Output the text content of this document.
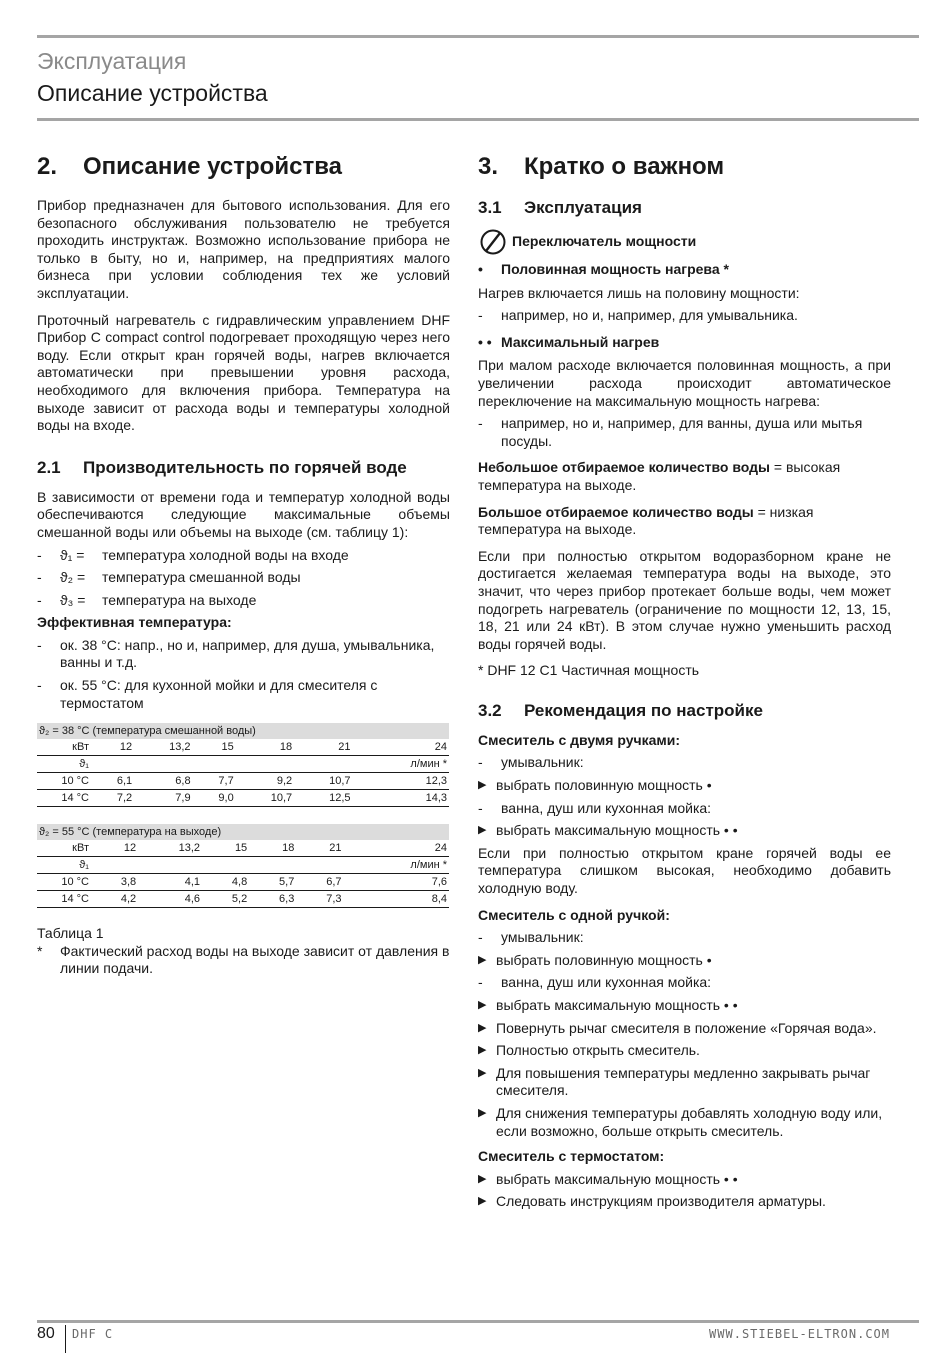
Эксплуатация
Описание устройства
2.	Описание устройства

Прибор предназначен для бытового использования. Для его безопасного обслуживания пользователю не требуется проходить инструктаж. Возможно использование прибора не только в быту, но и, например, на предприятиях малого бизнеса при условии соблюдения тех же условий эксплуатации.

Проточный нагреватель с гидравлическим управлением DHF Прибор C compact control подогревает проходящую через него воду. Если открыт кран горячей воды, нагрев включается автоматически при превышении уровня расхода, необходимого для включения прибора. Температура на выходе зависит от расхода воды и температуры холодной воды на входе.

2.1	Производительность по горячей воде

В зависимости от времени года и температур холодной воды обеспечиваются следующие максимальные объемы смешанной воды или объемы на выходе (см. таблицу 1):

-	ϑ₁ =	температура холодной воды на входе
-	ϑ₂ =	температура смешанной воды
-	ϑ₃ =	температура на выходе

Эффективная температура:

-	ок. 38 °C: напр., но и, например, для душа, умывальника, ванны и т.д.
-	ок. 55 °C: для кухонной мойки и для смесителя с термостатом
ϑ₂ = 38 °C (температура смешанной воды)						
кВт	12	13,2	15	18	21	24
ϑ₁						л/мин *
10 °C	6,1	6,8	7,7	9,2	10,7	12,3
14 °C	7,2	7,9	9,0	10,7	12,5	14,3
ϑ₂ = 55 °C (температура на выходе)						
кВт	12	13,2	15	18	21	24
ϑ₁						л/мин *
10 °C	3,8	4,1	4,8	5,7	6,7	7,6
14 °C	4,2	4,6	5,2	6,3	7,3	8,4

Таблица 1

*	Фактический расход воды на выходе зависит от давления в линии подачи.
3.	Кратко о важном
3.1	Эксплуатация
Переключатель мощности
•	Половинная мощность нагрева *

Нагрев включается лишь на половину мощности:

-	например, но и, например, для умывальника.
• • Максимальный нагрев

При малом расходе включается половинная мощность, а при увеличении расхода происходит автоматическое переключение на максимальную мощность нагрева:

-	например, но и, например, для ванны, душа или мытья посуды.

Небольшое отбираемое количество воды = высокая температура на выходе.

Большое отбираемое количество воды = низкая температура на выходе.

Если при полностью открытом водоразборном кране не достигается желаемая температура воды на выходе, это значит, что через прибор протекает больше воды, чем может подогреть нагреватель (ограничение по мощности 12, 13, 15, 18, 21 или 24 кВт). В этом случае нужно уменьшить расход воды горячей воды.

* DHF 12 C1 Частичная мощность

3.2	Рекомендация по настройке

Смеситель с двумя ручками:

-	умывальник:
▶ выбрать половинную мощность •
-	ванна, душ или кухонная мойка:
▶ выбрать максимальную мощность • •

Если при полностью открытом кране горячей воды ее температура слишком высокая, необходимо добавить холодную воду.

Смеситель с одной ручкой:

-	умывальник:
▶ выбрать половинную мощность •
-	ванна, душ или кухонная мойка:
▶ выбрать максимальную мощность • •
▶ Повернуть рычаг смесителя в положение «Горячая вода».
▶ Полностью открыть смеситель.
▶ Для повышения температуры медленно закрывать рычаг смесителя.
▶ Для снижения температуры добавлять холодную воду или, если возможно, больше открыть смеситель.

Смеситель с термостатом:

▶ выбрать максимальную мощность • •
▶ Следовать инструкциям производителя арматуры.
80 DHF C	WWW.STIEBEL-ELTRON.COM
